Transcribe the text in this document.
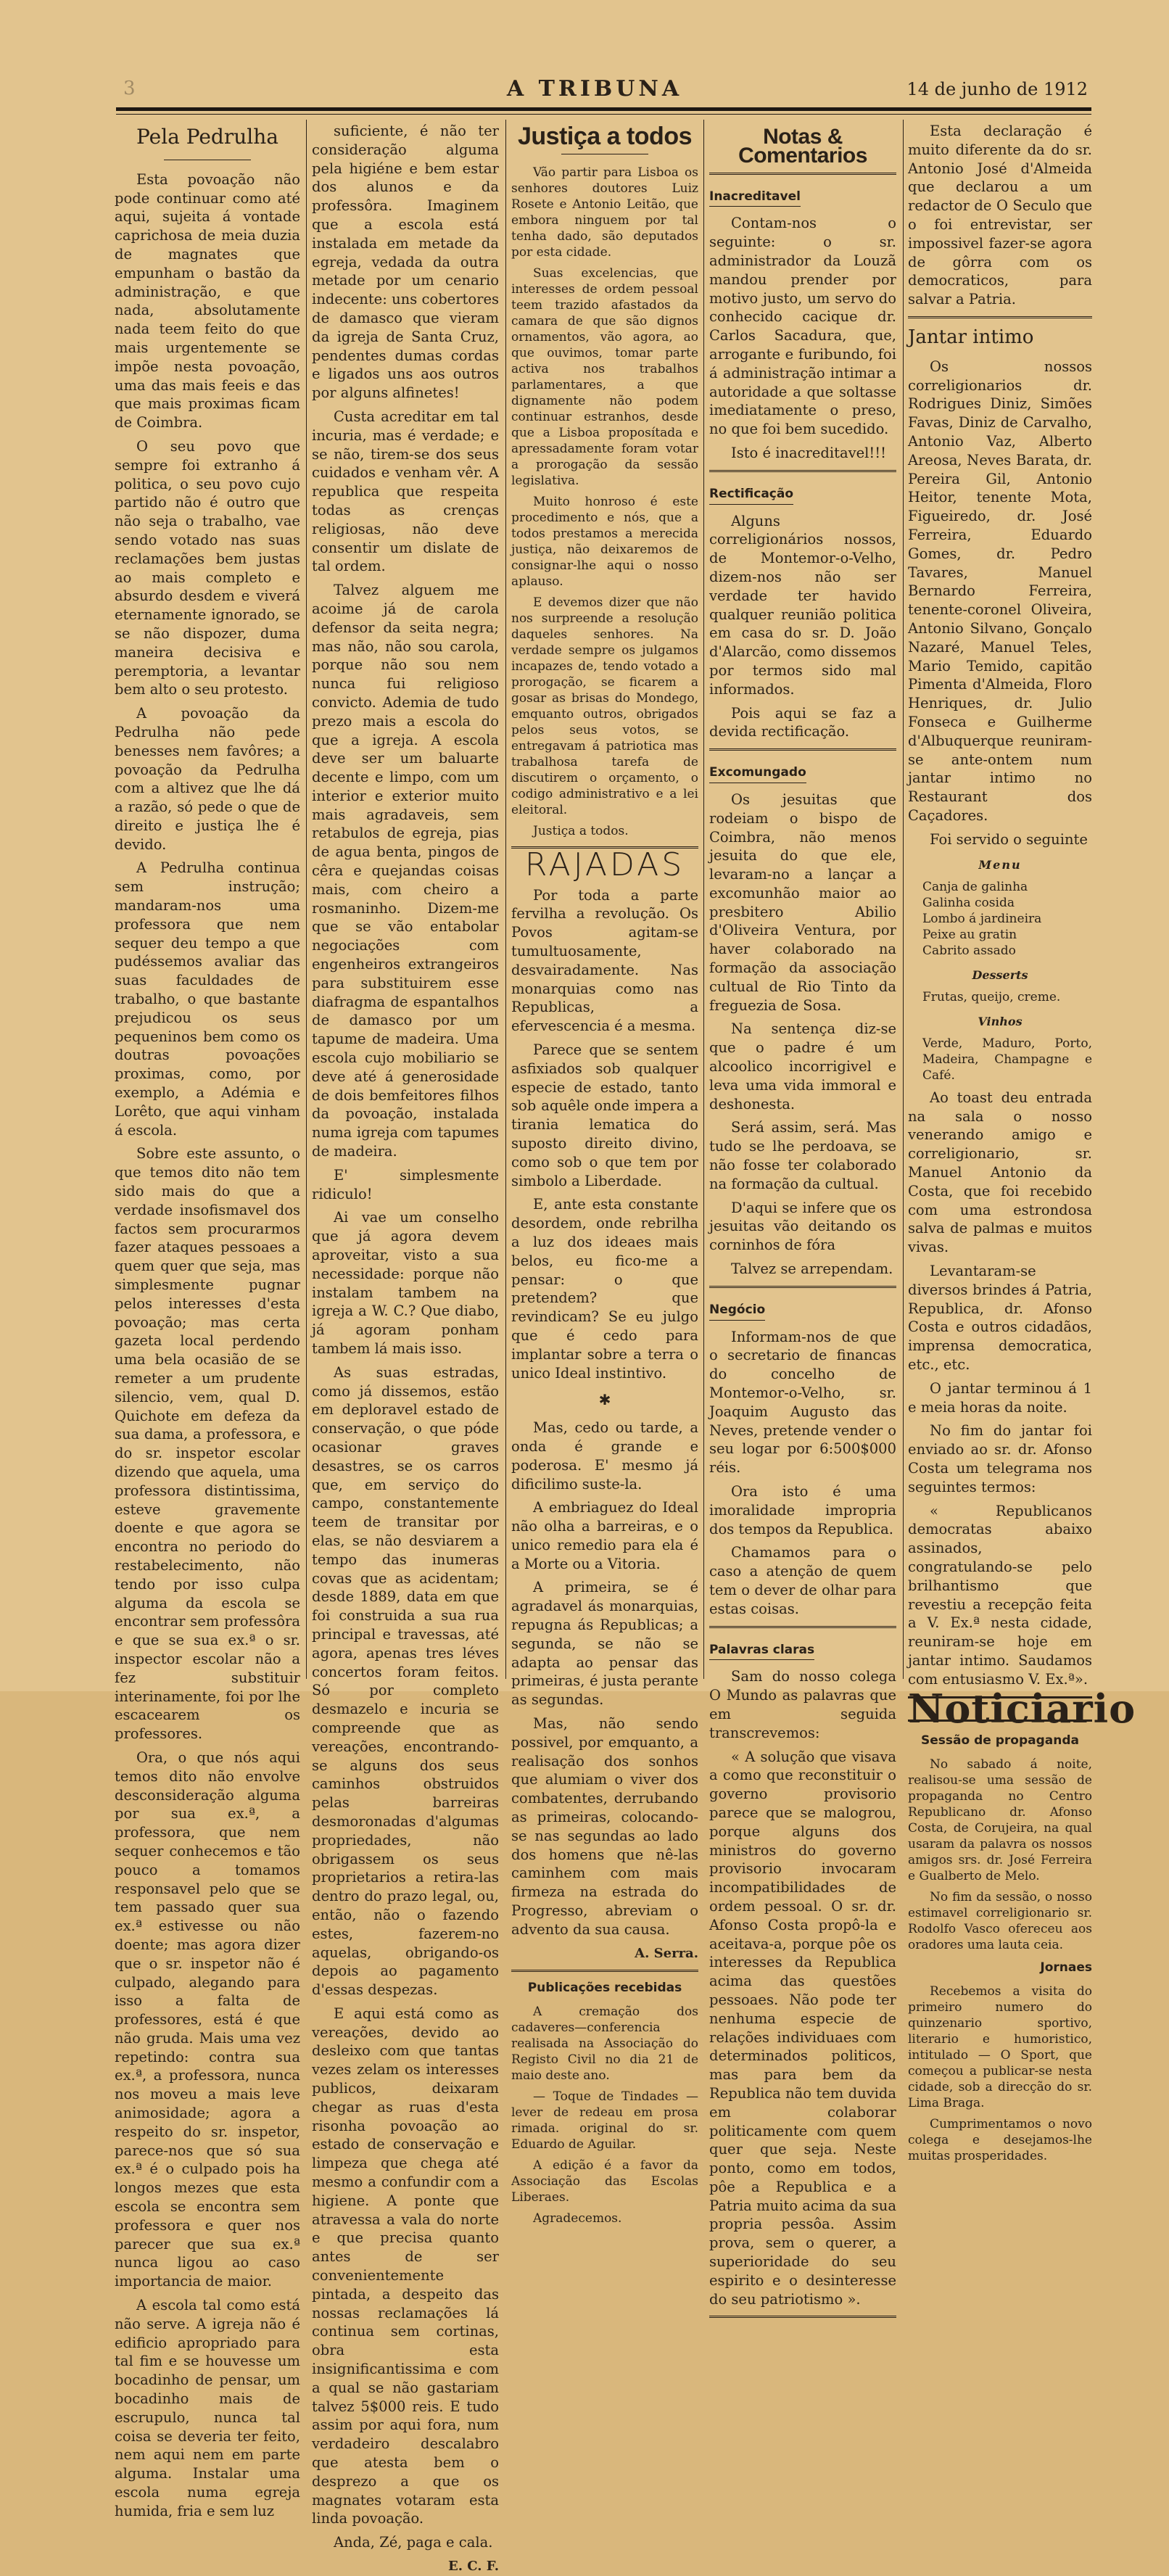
3	A TRIBUNA	14 de junho de 1912
Pela Pedrulha

Esta povoação não pode continuar como até aqui, sujeita á vontade caprichosa de meia duzia de magnates que empunham o bastão da administração, e que nada, absolutamente nada teem feito do que mais urgentemente se impõe nesta povoação, uma das mais feeis e das que mais proximas ficam de Coimbra.

O seu povo que sempre foi extranho á politica, o seu povo cujo partido não é outro que não seja o trabalho, vae sendo votado nas suas reclamações bem justas ao mais completo e absurdo desdem e viverá eternamente ignorado, se se não dispozer, duma maneira decisiva e peremptoria, a levantar bem alto o seu protesto.

A povoação da Pedrulha não pede benesses nem favôres; a povoação da Pedrulha com a altivez que lhe dá a razão, só pede o que de direito e justiça lhe é devido.

A Pedrulha continua sem instrução; mandaram-nos uma professora que nem sequer deu tempo a que pudéssemos avaliar das suas faculdades de trabalho, o que bastante prejudicou os seus pequeninos bem como os doutras povoações proximas, como, por exemplo, a Adémia e Lorêto, que aqui vinham á escola.

Sobre este assunto, o que temos dito não tem sido mais do que a verdade insofismavel dos factos sem procurarmos fazer ataques pessoaes a quem quer que seja, mas simplesmente pugnar pelos interesses d'esta povoação; mas certa gazeta local perdendo uma bela ocasião de se remeter a um prudente silencio, vem, qual D. Quichote em defeza da sua dama, a professora, e do sr. inspetor escolar dizendo que aquela, uma professora distintissima, esteve gravemente doente e que agora se encontra no periodo do restabelecimento, não tendo por isso culpa alguma da escola se encontrar sem professôra e que se sua ex.ª o sr. inspector escolar não a fez substituir interinamente, foi por lhe escacearem os professores.

Ora, o que nós aqui temos dito não envolve desconsideração alguma por sua ex.ª, a professora, que nem sequer conhecemos e tão pouco a tomamos responsavel pelo que se tem passado quer sua ex.ª estivesse ou não doente; mas agora dizer que o sr. inspetor não é culpado, alegando para isso a falta de professores, está é que não gruda. Mais uma vez repetindo: contra sua ex.ª, a professora, nunca nos moveu a mais leve animosidade; agora a respeito do sr. inspetor, parece-nos que só sua ex.ª é o culpado pois ha longos mezes que esta escola se encontra sem professora e quer nos parecer que sua ex.ª nunca ligou ao caso importancia de maior.

A escola tal como está não serve. A igreja não é edificio apropriado para tal fim e se houvesse um bocadinho de pensar, um bocadinho mais de escrupulo, nunca tal coisa se deveria ter feito, nem aqui nem em parte alguma. Instalar uma escola numa egreja humida, fria e sem luz

suficiente, é não ter consideração alguma pela higiéne e bem estar dos alunos e da professôra. Imaginem que a escola está instalada em metade da egreja, vedada da outra metade por um cenario indecente: uns cobertores de damasco que vieram da igreja de Santa Cruz, pendentes dumas cordas e ligados uns aos outros por alguns alfinetes!

Custa acreditar em tal incuria, mas é verdade; e se não, tirem-se dos seus cuidados e venham vêr. A republica que respeita todas as crenças religiosas, não deve consentir um dislate de tal ordem.

Talvez alguem me acoime já de carola defensor da seita negra; mas não, não sou carola, porque não sou nem nunca fui religioso convicto. Ademia de tudo prezo mais a escola do que a igreja. A escola deve ser um baluarte decente e limpo, com um interior e exterior muito mais agradaveis, sem retabulos de egreja, pias de agua benta, pingos de cêra e quejandas coisas mais, com cheiro a rosmaninho. Dizem-me que se vão entabolar negociações com engenheiros extrangeiros para substituirem esse diafragma de espantalhos de damasco por um tapume de madeira. Uma escola cujo mobiliario se deve até á generosidade de dois bemfeitores filhos da povoação, instalada numa igreja com tapumes de madeira.

E' simplesmente ridiculo!

Ai vae um conselho que já agora devem aproveitar, visto a sua necessidade: porque não instalam tambem na igreja a W. C.? Que diabo, já agoram ponham tambem lá mais isso.

As suas estradas, como já dissemos, estão em deploravel estado de conservação, o que póde ocasionar graves desastres, se os carros que, em serviço do campo, constantemente teem de transitar por elas, se não desviarem a tempo das inumeras covas que as acidentam; desde 1889, data em que foi construida a sua rua principal e travessas, até agora, apenas tres léves concertos foram feitos. Só por completo desmazelo e incuria se compreende que as vereações, encontrando-se alguns dos seus caminhos obstruidos pelas barreiras desmoronadas d'algumas propriedades, não obrigassem os seus proprietarios a retira-las dentro do prazo legal, ou, então, não o fazendo estes, fazerem-no aquelas, obrigando-os depois ao pagamento d'essas despezas.

E aqui está como as vereações, devido ao desleixo com que tantas vezes zelam os interesses publicos, deixaram chegar as ruas d'esta risonha povoação ao estado de conservação e limpeza que chega até mesmo a confundir com a higiene. A ponte que atravessa a vala do norte e que precisa quanto antes de ser convenientemente pintada, a despeito das nossas reclamações lá continua sem cortinas, obra esta insignificantissima e com a qual se não gastariam talvez 5$000 reis. E tudo assim por aqui fora, num verdadeiro descalabro que atesta bem o desprezo a que os magnates votaram esta linda povoação.

Anda, Zé, paga e cala.

E. C. F.
Justiça a todos

Vão partir para Lisboa os senhores doutores Luiz Rosete e Antonio Leitão, que embora ninguem por tal tenha dado, são deputados por esta cidade.

Suas excelencias, que interesses de ordem pessoal teem trazido afastados da camara de que são dignos ornamentos, vão agora, ao que ouvimos, tomar parte activa nos trabalhos parlamentares, a que dignamente não podem continuar estranhos, desde que a Lisboa proposítada e apressadamente foram votar a prorogação da sessão legislativa.

Muito honroso é este procedimento e nós, que a todos prestamos a merecida justiça, não deixaremos de consignar-lhe aqui o nosso aplauso.

E devemos dizer que não nos surpreende a resolução daqueles senhores. Na verdade sempre os julgamos incapazes de, tendo votado a prorogação, se ficarem a gosar as brisas do Mondego, emquanto outros, obrigados pelos seus votos, se entregavam á patriotica mas trabalhosa tarefa de discutirem o orçamento, o codigo administrativo e a lei eleitoral.

Justiça a todos.

RAJADAS

Por toda a parte fervilha a revolução. Os Povos agitam-se tumultuosamente, desvairadamente. Nas monarquias como nas Republicas, a efervescencia é a mesma.

Parece que se sentem asfixiados sob qualquer especie de estado, tanto sob aquêle onde impera a tirania lematica do suposto direito divino, como sob o que tem por simbolo a Liberdade.

E, ante esta constante desordem, onde rebrilha a luz dos ideaes mais belos, eu fico-me a pensar: o que pretendem? que revindicam? Se eu julgo que é cedo para implantar sobre a terra o unico Ideal instintivo.

✱

Mas, cedo ou tarde, a onda é grande e poderosa. E' mesmo já dificilimo suste-la.

A embriaguez do Ideal não olha a barreiras, e o unico remedio para ela é a Morte ou a Vitoria.

A primeira, se é agradavel ás monarquias, repugna ás Republicas; a segunda, se não se adapta ao pensar das primeiras, é justa perante as segundas.

Mas, não sendo possivel, por emquanto, a realisação dos sonhos que alumiam o viver dos combatentes, derrubando as primeiras, colocando-se nas segundas ao lado dos homens que nê-las caminhem com mais firmeza na estrada do Progresso, abreviam o advento da sua causa.

A. Serra.
Publicações recebidas

A cremação dos cadaveres—conferencia realisada na Associação do Registo Civil no dia 21 de maio deste ano.

— Toque de Tindades — lever de redeau em prosa rimada. original do sr. Eduardo de Aguilar.

A edição é a favor da Associação das Escolas Liberaes.

Agradecemos.

Notas & Comentarios
Inacreditavel

Contam-nos o seguinte: o sr. administrador da Louzã mandou prender por motivo justo, um servo do conhecido cacique dr. Carlos Sacadura, que, arrogante e furibundo, foi á administração intimar a autoridade a que soltasse imediatamente o preso, no que foi bem sucedido.

Isto é inacreditavel!!!

Rectificação

Alguns correligionários nossos, de Montemor-o-Velho, dizem-nos não ser verdade ter havido qualquer reunião politica em casa do sr. D. João d'Alarcão, como dissemos por termos sido mal informados.

Pois aqui se faz a devida rectificação.

Excomungado

Os jesuitas que rodeiam o bispo de Coimbra, não menos jesuita do que ele, levaram-no a lançar a excomunhão maior ao presbitero Abilio d'Oliveira Ventura, por haver colaborado na formação da associação cultual de Rio Tinto da freguezia de Sosa.

Na sentença diz-se que o padre é um alcoolico incorrigivel e leva uma vida immoral e deshonesta.

Será assim, será. Mas tudo se lhe perdoava, se não fosse ter colaborado na formação da cultual.

D'aqui se infere que os jesuitas vão deitando os corninhos de fóra

Talvez se arrependam.

Negócio

Informam-nos de que o secretario de financas do concelho de Montemor-o-Velho, sr. Joaquim Augusto das Neves, pretende vender o seu logar por 6:500$000 réis.

Ora isto é uma imoralidade impropria dos tempos da Republica.

Chamamos para o caso a atenção de quem tem o dever de olhar para estas coisas.

Palavras claras

Sam do nosso colega O Mundo as palavras que em seguida transcrevemos:

« A solução que visava a como que reconstituir o governo provisorio parece que se malogrou, porque alguns dos ministros do governo provisorio invocaram incompatibilidades de ordem pessoal. O sr. dr. Afonso Costa propô-la e aceitava-a, porque pôe os interesses da Republica acima das questões pessoaes. Não pode ter nenhuma especie de relações individuaes com determinados politicos, mas para bem da Republica não tem duvida em colaborar politicamente com quem quer que seja. Neste ponto, como em todos, pôe a Republica e a Patria muito acima da sua propria pessôa. Assim prova, sem o querer, a superioridade do seu espirito e o desinteresse do seu patriotismo ».

Esta declaração é muito diferente da do sr. Antonio José d'Almeida que declarou a um redactor de O Seculo que o foi entrevistar, ser impossivel fazer-se agora de gôrra com os democraticos, para salvar a Patria.

Jantar intimo

Os nossos correligionarios dr. Rodrigues Diniz, Simões Favas, Diniz de Carvalho, Antonio Vaz, Alberto Areosa, Neves Barata, dr. Pereira Gil, Antonio Heitor, tenente Mota, Figueiredo, dr. José Ferreira, Eduardo Gomes, dr. Pedro Tavares, Manuel Bernardo Ferreira, tenente-coronel Oliveira, Antonio Silvano, Gonçalo Nazaré, Manuel Teles, Mario Temido, capitão Pimenta d'Almeida, Floro Henriques, dr. Julio Fonseca e Guilherme d'Albuquerque reuniram-se ante-ontem num jantar intimo no Restaurant dos Caçadores.

Foi servido o seguinte

Menu
Canja de galinha
Galinha cosida
Lombo á jardineira
Peixe au gratin
Cabrito assado
Desserts

Frutas, queijo, creme.

Vinhos

Verde, Maduro, Porto, Madeira, Champagne e Café.

Ao toast deu entrada na sala o nosso venerando amigo e correligionario, sr. Manuel Antonio da Costa, que foi recebido com uma estrondosa salva de palmas e muitos vivas.

Levantaram-se diversos brindes á Patria, Republica, dr. Afonso Costa e outros cidadãos, imprensa democratica, etc., etc.

O jantar terminou á 1 e meia horas da noite.

No fim do jantar foi enviado ao sr. dr. Afonso Costa um telegrama nos seguintes termos:

« Republicanos democratas abaixo assinados, congratulando-se pelo brilhantismo que revestiu a recepção feita a V. Ex.ª nesta cidade, reuniram-se hoje em jantar intimo. Saudamos com entusiasmo V. Ex.ª».

Noticiario
Sessão de propaganda

No sabado á noite, realisou-se uma sessão de propaganda no Centro Republicano dr. Afonso Costa, de Corujeira, na qual usaram da palavra os nossos amigos srs. dr. José Ferreira e Gualberto de Melo.

No fim da sessão, o nosso estimavel correligionario sr. Rodolfo Vasco ofereceu aos oradores uma lauta ceia.

Jornaes

Recebemos a visita do primeiro numero do quinzenario sportivo, literario e humoristico, intitulado — O Sport, que começou a publicar-se nesta cidade, sob a direcção do sr. Lima Braga.

Cumprimentamos o novo colega e desejamos-lhe muitas prosperidades.
